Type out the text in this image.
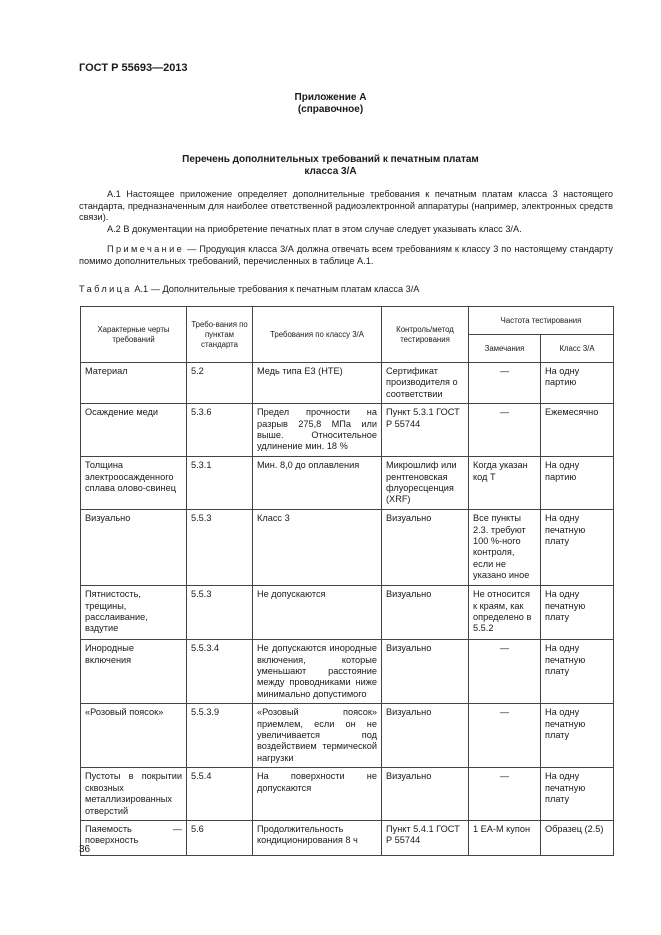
ГОСТ Р 55693—2013
Приложение А
(справочное)
Перечень дополнительных требований к печатным платам
класса 3/А

А.1 Настоящее приложение определяет дополнительные требования к печатным платам класса 3 настоящего стандарта, предназначенным для наиболее ответственной радиоэлектронной аппаратуры (например, электронных средств связи).

А.2 В документации на приобретение печатных плат в этом случае следует указывать класс 3/А.

Примечание — Продукция класса 3/А должна отвечать всем требованиям к классу 3 по настоящему стандарту помимо дополнительных требований, перечисленных в таблице А.1.

Таблица А.1 — Дополнительные требования к печатным платам класса 3/А
Характерные черты требований	Требо-вания по пунктам стандарта	Требования по классу 3/А	Контроль/метод тестирования	Частота тестирования	
				Замечания	Класс 3/А
Материал	5.2	Медь типа Е3 (НТЕ)	Сертификат производителя о соответствии	—	На одну партию
Осаждение меди	5.3.6	Предел прочности на разрыв 275,8 МПа или выше. Относительное удлинение мин. 18 %	Пункт 5.3.1 ГОСТ Р 55744	—	Ежемесячно
Толщина электроосажденного сплава олово-свинец	5.3.1	Мин. 8,0 до оплавления	Микрошлиф или рентгеновская флуоресценция (XRF)	Когда указан код Т	На одну партию
Визуально	5.5.3	Класс 3	Визуально	Все пункты 2.3. требуют 100 %-ного контроля, если не указано иное	На одну печатную плату
Пятнистость, трещины, расслаивание, вздутие	5.5.3	Не допускаются	Визуально	Не относится к краям, как определено в 5.5.2	На одну печатную плату
Инородные включения	5.5.3.4	Не допускаются инородные включения, которые уменьшают расстояние между проводниками ниже минимально допустимого	Визуально	—	На одну печатную плату
«Розовый поясок»	5.5.3.9	«Розовый поясок» приемлем, если он не увеличивается под воздействием термической нагрузки	Визуально	—	На одну печатную плату
Пустоты в покрытии сквозных металлизированных отверстий	5.5.4	На поверхности не допускаются	Визуально	—	На одну печатную плату
Паяемость — поверхность	5.6	Продолжительность кондиционирования 8 ч	Пункт 5.4.1 ГОСТ Р 55744	1 ЕА-М купон	Образец (2.5)
36
